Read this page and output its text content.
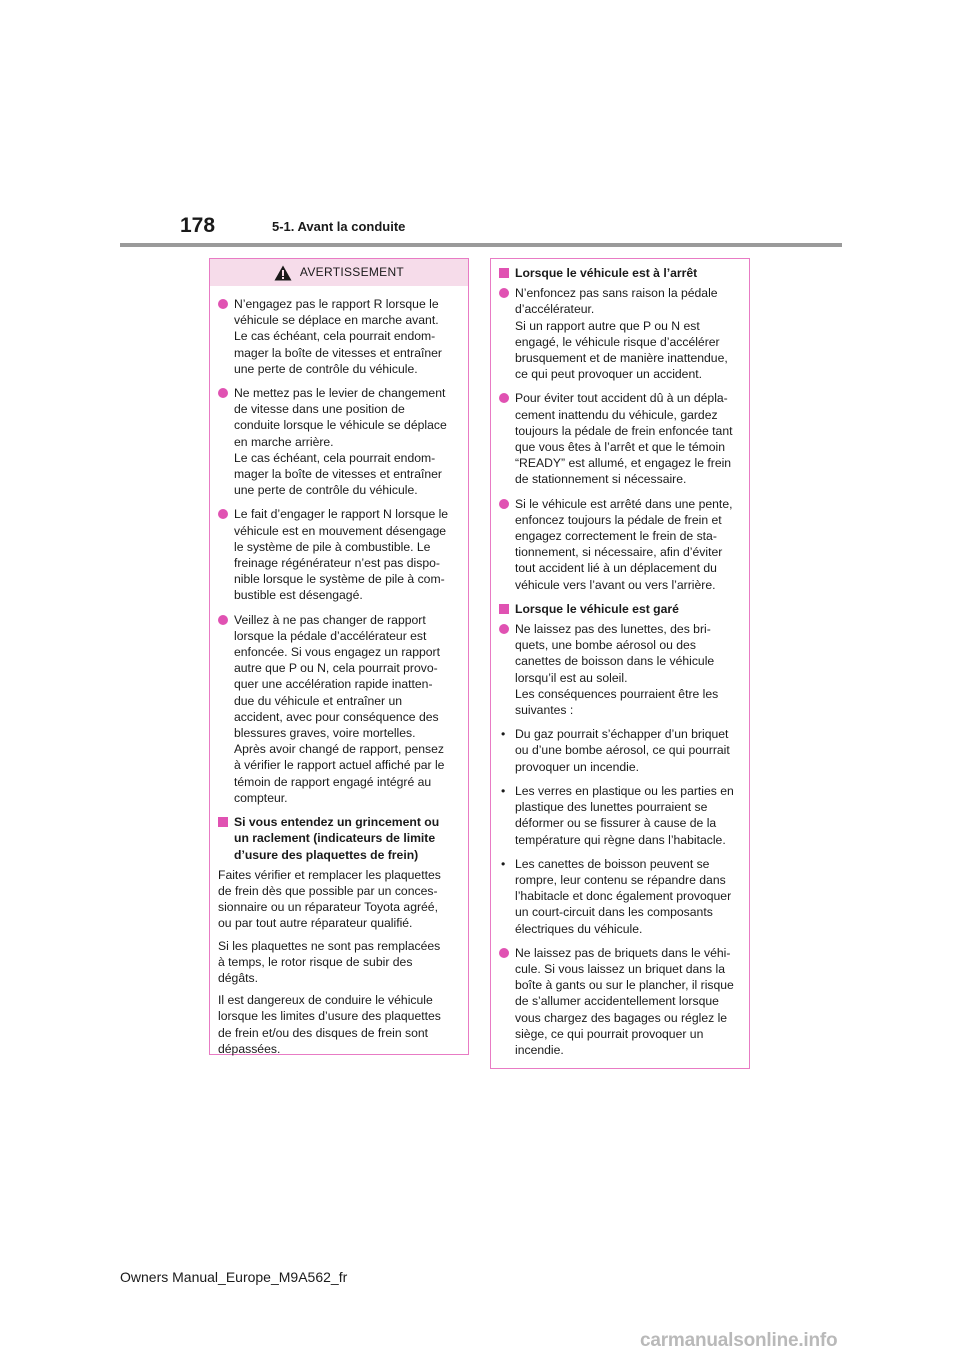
178	5-1. Avant la conduite
AVERTISSEMENT
N’engagez pas le rapport R lorsque le
véhicule se déplace en marche avant.
Le cas échéant, cela pourrait endom-
mager la boîte de vitesses et entraîner
une perte de contrôle du véhicule.
Ne mettez pas le levier de changement
de vitesse dans une position de
conduite lorsque le véhicule se déplace
en marche arrière.
Le cas échéant, cela pourrait endom-
mager la boîte de vitesses et entraîner
une perte de contrôle du véhicule.
Le fait d’engager le rapport N lorsque le
véhicule est en mouvement désengage
le système de pile à combustible. Le
freinage régénérateur n’est pas dispo-
nible lorsque le système de pile à com-
bustible est désengagé.
Veillez à ne pas changer de rapport
lorsque la pédale d’accélérateur est
enfoncée. Si vous engagez un rapport
autre que P ou N, cela pourrait provo-
quer une accélération rapide inatten-
due du véhicule et entraîner un
accident, avec pour conséquence des
blessures graves, voire mortelles.
Après avoir changé de rapport, pensez
à vérifier le rapport actuel affiché par le
témoin de rapport engagé intégré au
compteur.
Si vous entendez un grincement ou
un raclement (indicateurs de limite
d’usure des plaquettes de frein)
Faites vérifier et remplacer les plaquettes
de frein dès que possible par un conces-
sionnaire ou un réparateur Toyota agréé,
ou par tout autre réparateur qualifié.
Si les plaquettes ne sont pas remplacées
à temps, le rotor risque de subir des
dégâts.
Il est dangereux de conduire le véhicule
lorsque les limites d’usure des plaquettes
de frein et/ou des disques de frein sont
dépassées.
Lorsque le véhicule est à l’arrêt
N’enfoncez pas sans raison la pédale
d’accélérateur.
Si un rapport autre que P ou N est
engagé, le véhicule risque d’accélérer
brusquement et de manière inattendue,
ce qui peut provoquer un accident.
Pour éviter tout accident dû à un dépla-
cement inattendu du véhicule, gardez
toujours la pédale de frein enfoncée tant
que vous êtes à l’arrêt et que le témoin
“READY” est allumé, et engagez le frein
de stationnement si nécessaire.
Si le véhicule est arrêté dans une pente,
enfoncez toujours la pédale de frein et
engagez correctement le frein de sta-
tionnement, si nécessaire, afin d’éviter
tout accident lié à un déplacement du
véhicule vers l’avant ou vers l’arrière.
Lorsque le véhicule est garé
Ne laissez pas des lunettes, des bri-
quets, une bombe aérosol ou des
canettes de boisson dans le véhicule
lorsqu’il est au soleil.
Les conséquences pourraient être les
suivantes :
• Du gaz pourrait s’échapper d’un briquet
ou d’une bombe aérosol, ce qui pourrait
provoquer un incendie.
• Les verres en plastique ou les parties en
plastique des lunettes pourraient se
déformer ou se fissurer à cause de la
température qui règne dans l’habitacle.
• Les canettes de boisson peuvent se
rompre, leur contenu se répandre dans
l’habitacle et donc également provoquer
un court-circuit dans les composants
électriques du véhicule.
Ne laissez pas de briquets dans le véhi-
cule. Si vous laissez un briquet dans la
boîte à gants ou sur le plancher, il risque
de s’allumer accidentellement lorsque
vous chargez des bagages ou réglez le
siège, ce qui pourrait provoquer un
incendie.
Owners Manual_Europe_M9A562_fr
carmanualsonline.info
